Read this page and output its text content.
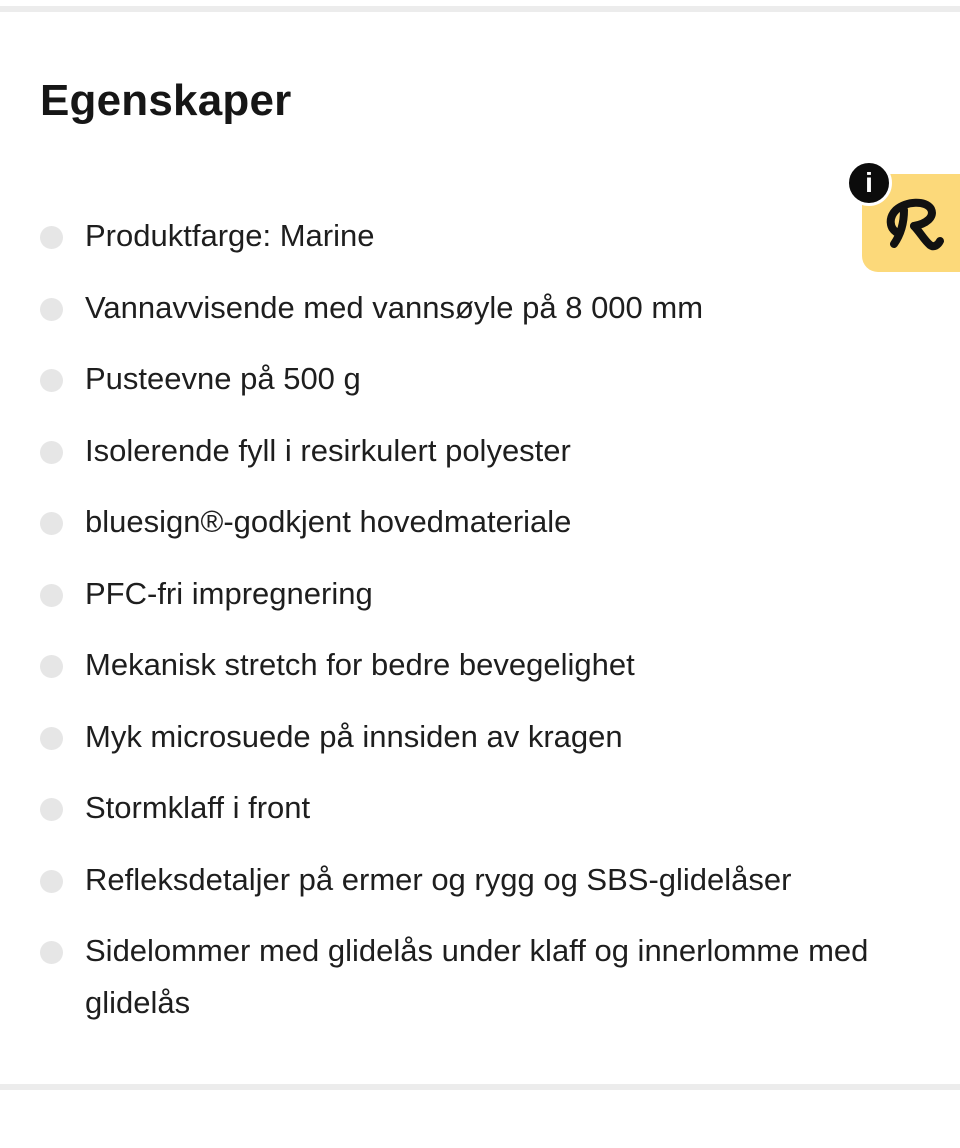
Egenskaper
Produktfarge: Marine
Vannavvisende med vannsøyle på 8 000 mm
Pusteevne på 500 g
Isolerende fyll i resirkulert polyester
bluesign®-godkjent hovedmateriale
PFC-fri impregnering
Mekanisk stretch for bedre bevegelighet
Myk microsuede på innsiden av kragen
Stormklaff i front
Refleksdetaljer på ermer og rygg og SBS-glidelåser
Sidelommer med glidelås under klaff og innerlomme med glidelås
i
